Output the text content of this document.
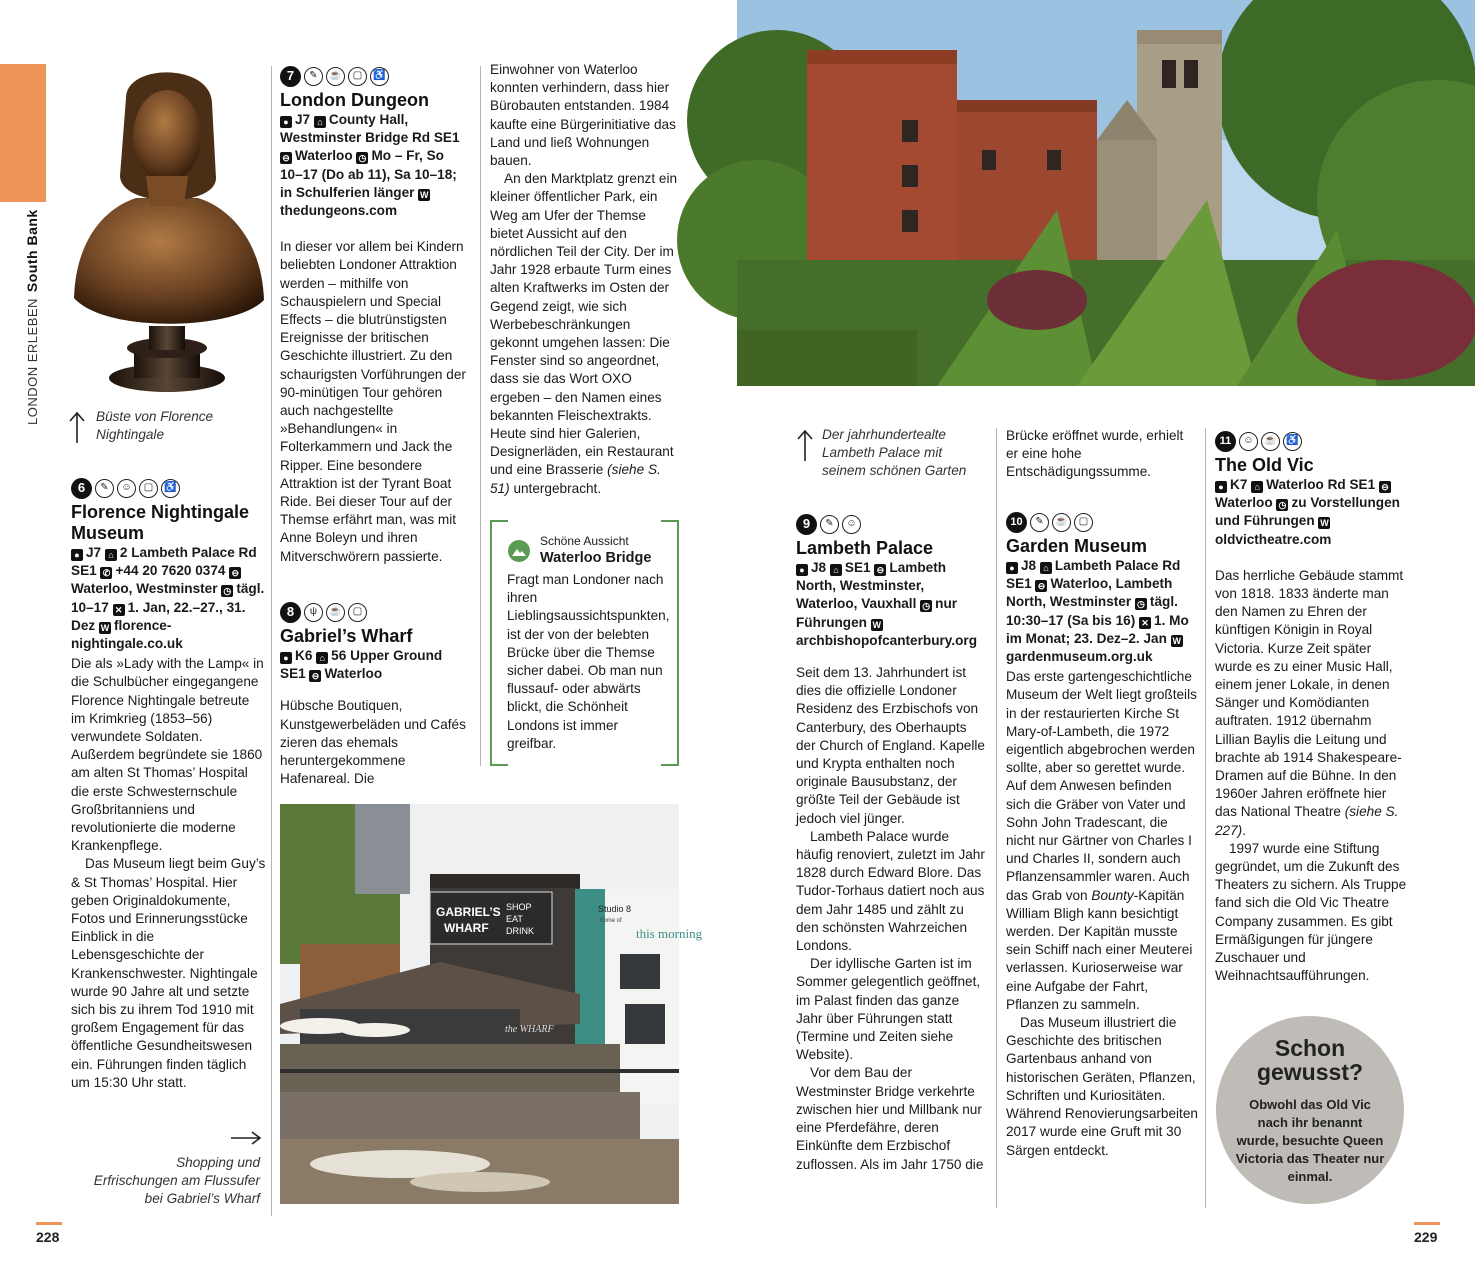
LONDON ERLEBENSouth Bank
Büste von Florence
Nightingale
6	✎	☺	▢	♿
Florence Nightingale
Museum
● J7 ⌂ 2 Lambeth Palace Rd SE1 ✆ +44 20 7620 0374 ⊖Waterloo, Westminster ◷ tägl. 10–17 ✕ 1. Jan, 22.–27., 31. Dez W florence-nightingale.co.uk

Die als »Lady with the Lamp« in die Schulbücher eingegangene Florence Nightingale betreute im Krimkrieg (1853–56) verwundete Soldaten. Außerdem begründete sie 1860 am alten St Thomas’ Hospital die erste Schwesternschule Großbritanniens und revolutionierte die moderne Krankenpflege.

Das Museum liegt beim Guy’s & St Thomas’ Hospital. Hier geben Originaldokumente, Fotos und Erinnerungsstücke Einblick in die Lebensgeschichte der Krankenschwester. Nightingale wurde 90 Jahre alt und setzte sich bis zu ihrem Tod 1910 mit großem Engagement für das öffentliche Gesundheitswesen ein. Führungen finden täglich um 15:30 Uhr statt.

7	✎	☕	▢	♿
London Dungeon
● J7 ⌂ County Hall, Westminster Bridge Rd SE1 ⊖ Waterloo ◷ Mo – Fr, So 10–17 (Do ab 11), Sa 10–18; in Schulferien länger Wthedungeons.com

In dieser vor allem bei Kindern beliebten Londoner Attraktion werden – mithilfe von Schauspielern und Special Effects – die blutrünstigsten Ereignisse der britischen Geschichte illustriert. Zu den schaurigsten Vorführungen der 90-minütigen Tour gehören auch nachgestellte »Behandlungen« in Folterkammern und Jack the Ripper. Eine besondere Attraktion ist der Tyrant Boat Ride. Bei dieser Tour auf der Themse erfährt man, was mit Anne Boleyn und ihren Mitverschwörern passierte.

8	ψ	☕	▢
Gabriel’s Wharf
● K6 ⌂ 56 Upper Ground SE1 ⊖ Waterloo

Hübsche Boutiquen, Kunstgewerbeläden und Cafés zieren das ehemals heruntergekommene Hafenareal. Die

Einwohner von Waterloo konnten verhindern, dass hier Bürobauten entstanden. 1984 kaufte eine Bürgerinitiative das Land und ließ Wohnungen bauen.

An den Marktplatz grenzt ein kleiner öffentlicher Park, ein Weg am Ufer der Themse bietet Aussicht auf den nördlichen Teil der City. Der im Jahr 1928 erbaute Turm eines alten Kraftwerks im Osten der Gegend zeigt, wie sich Werbebeschränkungen gekonnt umgehen lassen: Die Fenster sind so angeordnet, dass sie das Wort OXO ergeben – den Namen eines bekannten Fleischextrakts. Heute sind hier Galerien, Designerläden, ein Restaurant und eine Brasserie (siehe S. 51) untergebracht.

Schöne Aussicht
Waterloo Bridge
Fragt man Londoner nach ihren Lieblingsaussichtspunkten, ist der von der belebten Brücke über die Themse sicher dabei. Ob man nun flussauf- oder abwärts blickt, die Schönheit Londons ist immer greifbar.
GABRIEL’S
WHARF
SHOP
EAT
DRINK
Studio 8
home of
this morning
the WHARF
Shopping und
Erfrischungen am Flussufer
bei Gabriel’s Wharf
228
Der jahrhundertealte
Lambeth Palace mit
seinem schönen Garten
9	✎	☺
Lambeth Palace
● J8 ⌂ SE1 ⊖ Lambeth North, Westminster, Waterloo, Vauxhall ◷ nur Führungen Warchbishopofcanterbury.org

Seit dem 13. Jahrhundert ist dies die offizielle Londoner Residenz des Erzbischofs von Canterbury, des Oberhaupts der Church of England. Kapelle und Krypta enthalten noch originale Bausubstanz, der größte Teil der Gebäude ist jedoch viel jünger.

Lambeth Palace wurde häufig renoviert, zuletzt im Jahr 1828 durch Edward Blore. Das Tudor-Torhaus datiert noch aus dem Jahr 1485 und zählt zu den schönsten Wahrzeichen Londons.

Der idyllische Garten ist im Sommer gelegentlich geöffnet, im Palast finden das ganze Jahr über Führungen statt (Termine und Zeiten siehe Website).

Vor dem Bau der Westminster Bridge verkehrte zwischen hier und Millbank nur eine Pferdefähre, deren Einkünfte dem Erzbischof zuflossen. Als im Jahr 1750 die

Brücke eröffnet wurde, erhielt er eine hohe Entschädigungssumme.
10	✎	☕	▢
Garden Museum
● J8 ⌂ Lambeth Palace Rd SE1 ⊖ Waterloo, Lambeth North, Westminster ◷ tägl. 10:30–17 (Sa bis 16) ✕ 1. Mo im Monat; 23. Dez–2. Jan Wgardenmuseum.org.uk

Das erste gartengeschichtliche Museum der Welt liegt großteils in der restaurierten Kirche St Mary-of-Lambeth, die 1972 eigentlich abgebrochen werden sollte, aber so gerettet wurde. Auf dem Anwesen befinden sich die Gräber von Vater und Sohn John Tradescant, die nicht nur Gärtner von Charles I und Charles II, sondern auch Pflanzensammler waren. Auch das Grab von Bounty-Kapitän William Bligh kann besichtigt werden. Der Kapitän musste sein Schiff nach einer Meuterei verlassen. Kurioserweise war eine Aufgabe der Fahrt, Pflanzen zu sammeln.

Das Museum illustriert die Geschichte des britischen Gartenbaus anhand von historischen Geräten, Pflanzen, Schriften und Kuriositäten. Während Renovierungsarbeiten 2017 wurde eine Gruft mit 30 Särgen entdeckt.

11	☺	☕ ♿
The Old Vic
● K7 ⌂ Waterloo Rd SE1 ⊖Waterloo ◷ zu Vorstellungen und Führungen Woldvictheatre.com

Das herrliche Gebäude stammt von 1818. 1833 änderte man den Namen zu Ehren der künftigen Königin in Royal Victoria. Kurze Zeit später wurde es zu einer Music Hall, einem jener Lokale, in denen Sänger und Komödianten auftraten. 1912 übernahm Lillian Baylis die Leitung und brachte ab 1914 Shakespeare-Dramen auf die Bühne. In den 1960er Jahren eröffnete hier das National Theatre (siehe S. 227).

1997 wurde eine Stiftung gegründet, um die Zukunft des Theaters zu sichern. Als Truppe fand sich die Old Vic Theatre Company zusammen. Es gibt Ermäßigungen für jüngere Zuschauer und Weihnachtsaufführungen.

Schon
gewusst?
Obwohl das Old Vic nach ihr benannt wurde, besuchte Queen Victoria das Theater nur einmal.
229
